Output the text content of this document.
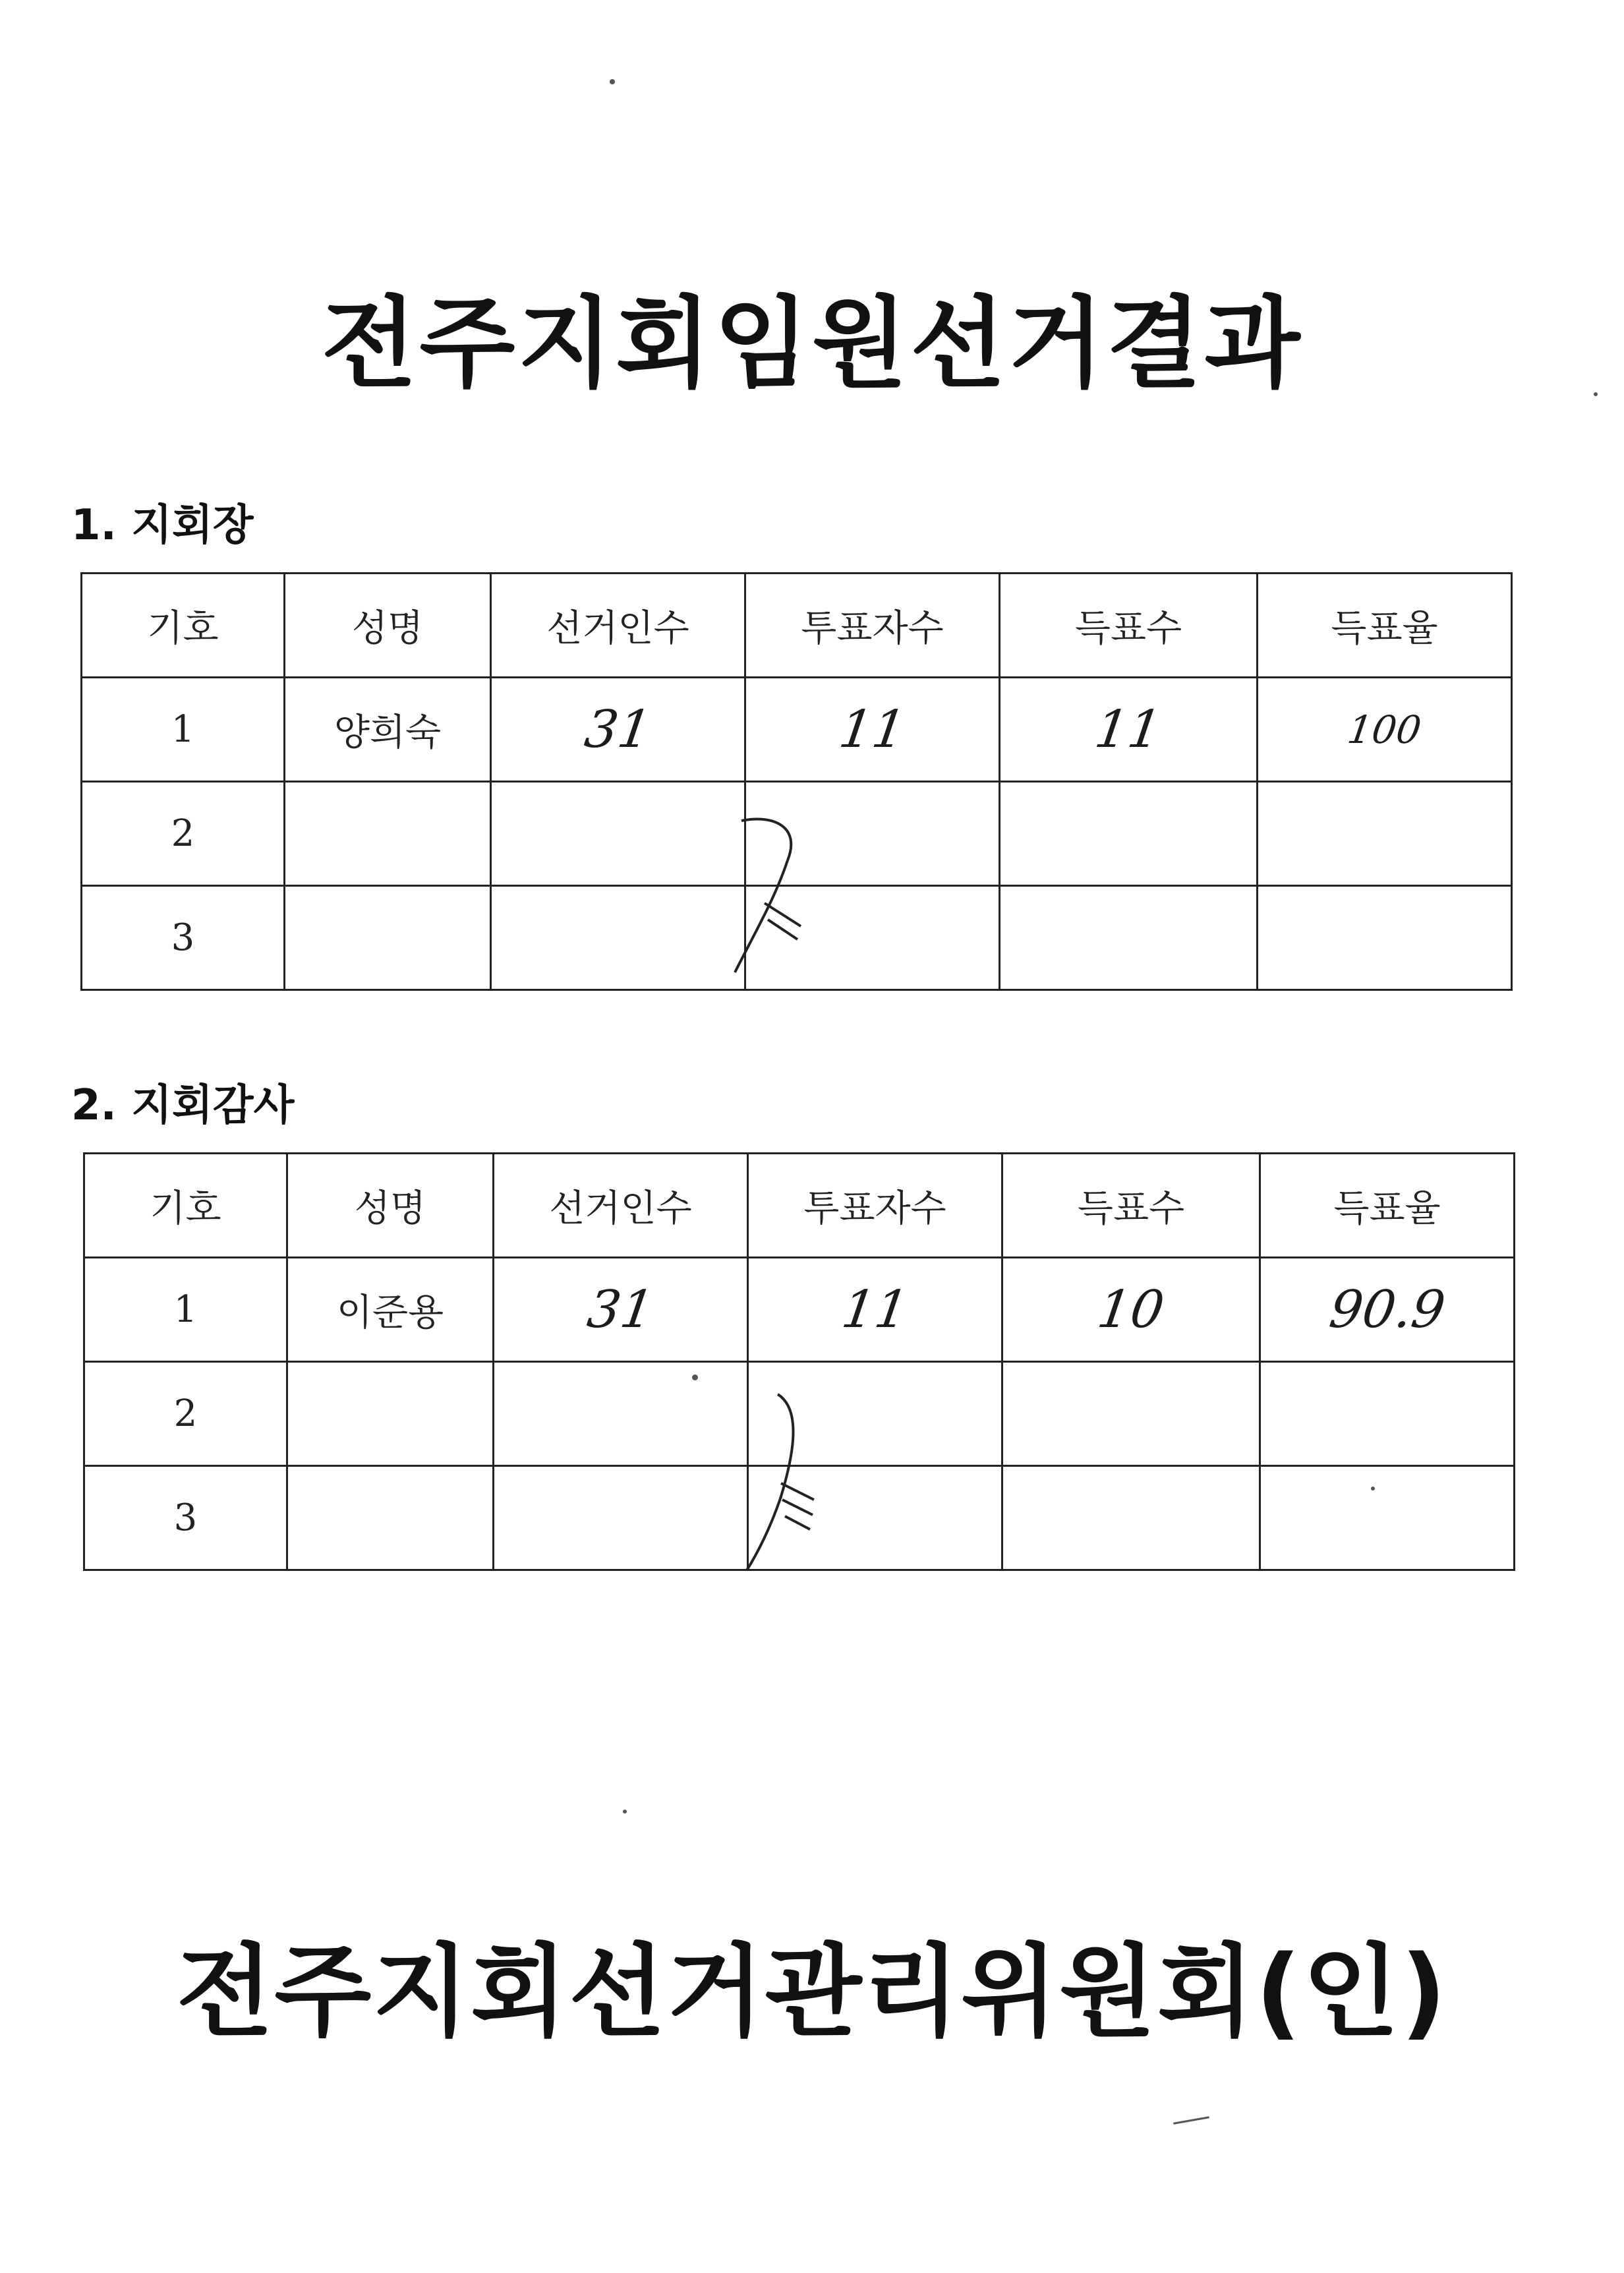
전주지회임원선거결과
1. 지회장
기호	성명	선거인수	투표자수	득표수	득표율
1	양희숙	31	11	11	100
2					
3					
2. 지회감사
기호	성명	선거인수	투표자수	득표수	득표율
1	이준용	31	11	10	90.9
2					
3					
전주지회선거관리위원회(인)
